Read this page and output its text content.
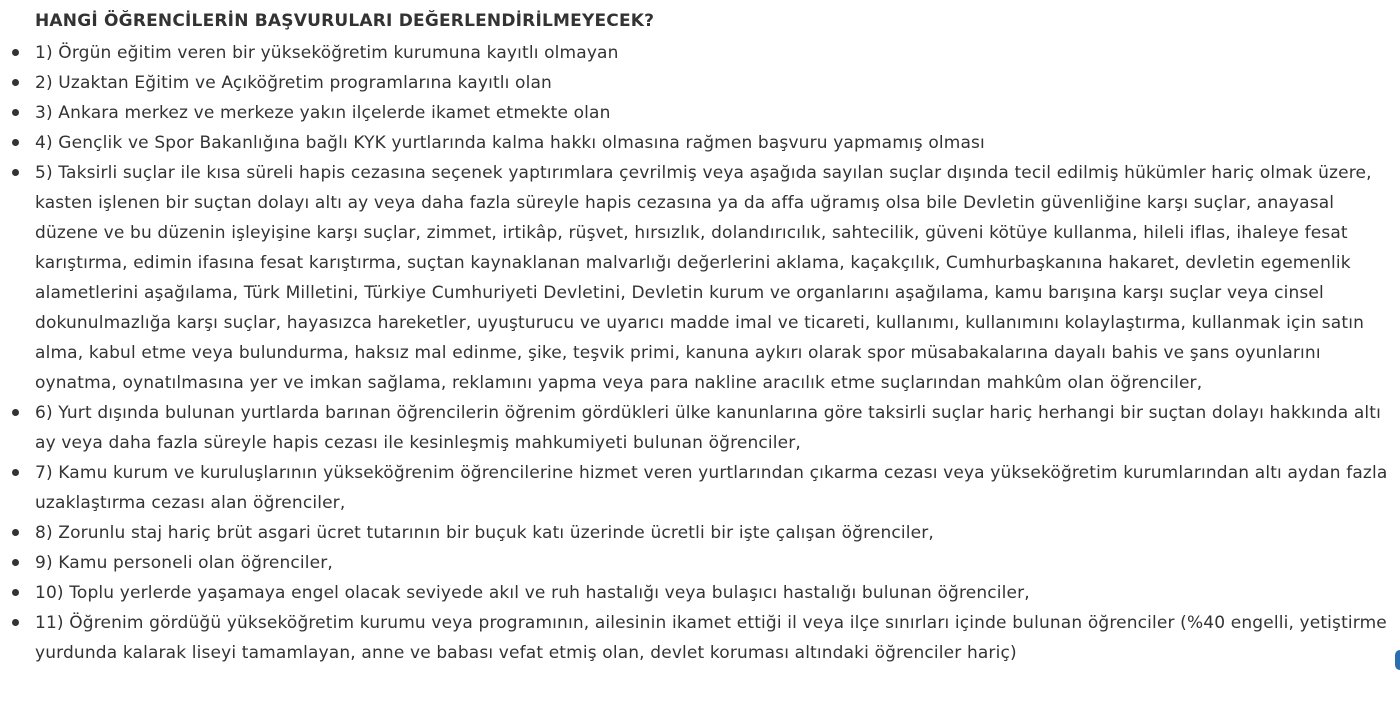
HANGİ ÖĞRENCİLERİN BAŞVURULARI DEĞERLENDİRİLMEYECEK?
1) Örgün eğitim veren bir yükseköğretim kurumuna kayıtlı olmayan
2) Uzaktan Eğitim ve Açıköğretim programlarına kayıtlı olan
3) Ankara merkez ve merkeze yakın ilçelerde ikamet etmekte olan
4) Gençlik ve Spor Bakanlığına bağlı KYK yurtlarında kalma hakkı olmasına rağmen başvuru yapmamış olması
5) Taksirli suçlar ile kısa süreli hapis cezasına seçenek yaptırımlara çevrilmiş veya aşağıda sayılan suçlar dışında tecil edilmiş hükümler hariç olmak üzere, kasten işlenen bir suçtan dolayı altı ay veya daha fazla süreyle hapis cezasına ya da affa uğramış olsa bile Devletin güvenliğine karşı suçlar, anayasal düzene ve bu düzenin işleyişine karşı suçlar, zimmet, irtikâp, rüşvet, hırsızlık, dolandırıcılık, sahtecilik, güveni kötüye kullanma, hileli iflas, ihaleye fesat karıştırma, edimin ifasına fesat karıştırma, suçtan kaynaklanan malvarlığı değerlerini aklama, kaçakçılık, Cumhurbaşkanına hakaret, devletin egemenlik alametlerini aşağılama, Türk Milletini, Türkiye Cumhuriyeti Devletini, Devletin kurum ve organlarını aşağılama, kamu barışına karşı suçlar veya cinsel dokunulmazlığa karşı suçlar, hayasızca hareketler, uyuşturucu ve uyarıcı madde imal ve ticareti, kullanımı, kullanımını kolaylaştırma, kullanmak için satın alma, kabul etme veya bulundurma, haksız mal edinme, şike, teşvik primi, kanuna aykırı olarak spor müsabakalarına dayalı bahis ve şans oyunlarını oynatma, oynatılmasına yer ve imkan sağlama, reklamını yapma veya para nakline aracılık etme suçlarından mahkûm olan öğrenciler,
6) Yurt dışında bulunan yurtlarda barınan öğrencilerin öğrenim gördükleri ülke kanunlarına göre taksirli suçlar hariç herhangi bir suçtan dolayı hakkında altı ay veya daha fazla süreyle hapis cezası ile kesinleşmiş mahkumiyeti bulunan öğrenciler,
7) Kamu kurum ve kuruluşlarının yükseköğrenim öğrencilerine hizmet veren yurtlarından çıkarma cezası veya yükseköğretim kurumlarından altı aydan fazla uzaklaştırma cezası alan öğrenciler,
8) Zorunlu staj hariç brüt asgari ücret tutarının bir buçuk katı üzerinde ücretli bir işte çalışan öğrenciler,
9) Kamu personeli olan öğrenciler,
10) Toplu yerlerde yaşamaya engel olacak seviyede akıl ve ruh hastalığı veya bulaşıcı hastalığı bulunan öğrenciler,
11) Öğrenim gördüğü yükseköğretim kurumu veya programının, ailesinin ikamet ettiği il veya ilçe sınırları içinde bulunan öğrenciler (%40 engelli, yetiştirme yurdunda kalarak liseyi tamamlayan, anne ve babası vefat etmiş olan, devlet koruması altındaki öğrenciler hariç)
